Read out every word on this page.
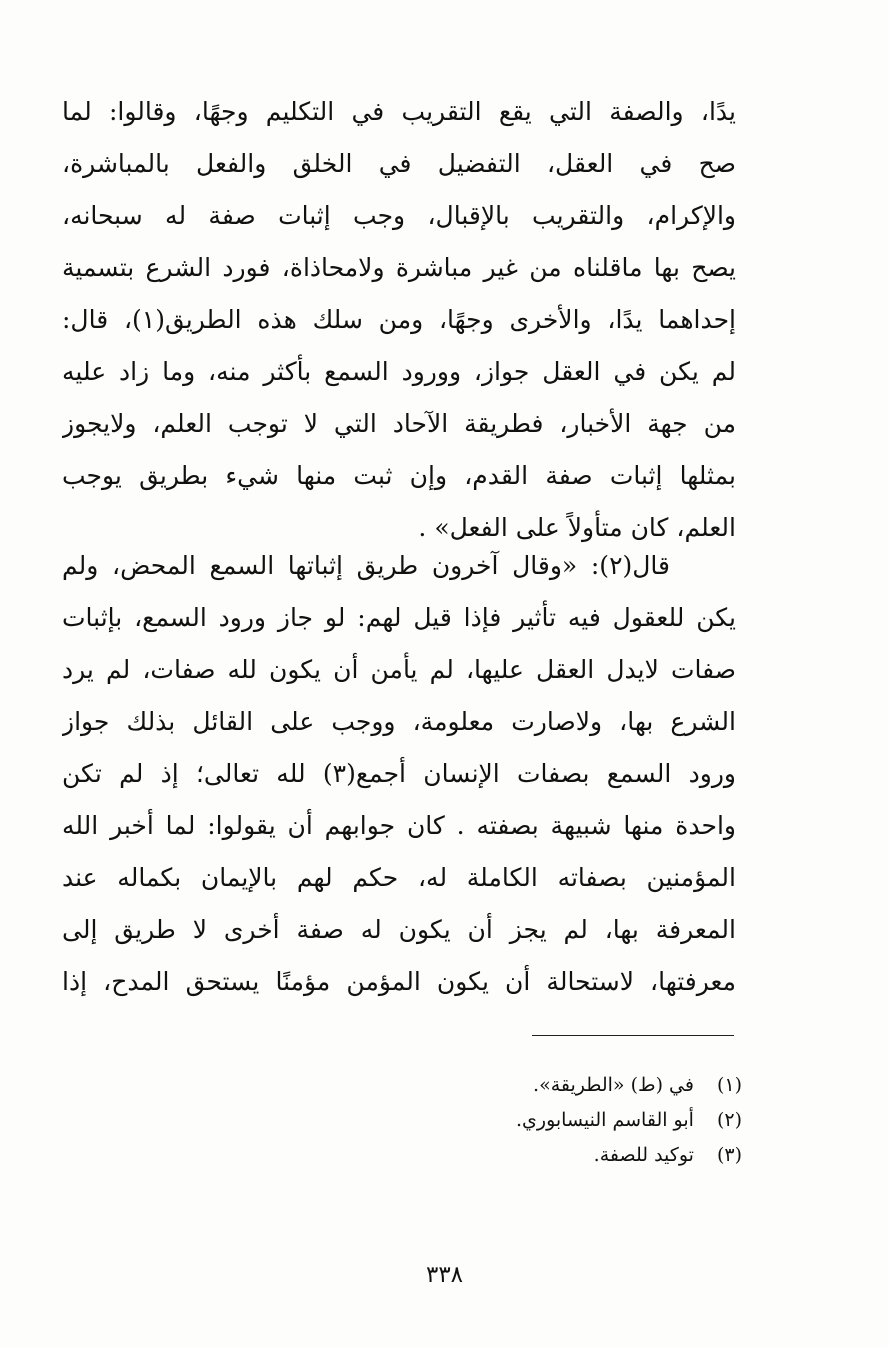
يدًا، والصفة التي يقع التقريب في التكليم وجهًا، وقالوا: لما
صح في العقل، التفضيل في الخلق والفعل بالمباشرة،
والإكرام، والتقريب بالإقبال، وجب إثبات صفة له سبحانه،
يصح بها ماقلناه من غير مباشرة ولامحاذاة، فورد الشرع بتسمية
إحداهما يدًا، والأخرى وجهًا، ومن سلك هذه الطريق(١)، قال:
لم يكن في العقل جواز، وورود السمع بأكثر منه، وما زاد عليه
من جهة الأخبار، فطريقة الآحاد التي لا توجب العلم، ولايجوز
بمثلها إثبات صفة القدم، وإن ثبت منها شيء بطريق يوجب
العلم، كان متأولاً على الفعل» .
قال(٢): «وقال آخرون طريق إثباتها السمع المحض، ولم
يكن للعقول فيه تأثير فإذا قيل لهم: لو جاز ورود السمع، بإثبات
صفات لايدل العقل عليها، لم يأمن أن يكون لله صفات، لم يرد
الشرع بها، ولاصارت معلومة، ووجب على القائل بذلك جواز
ورود السمع بصفات الإنسان أجمع(٣) لله تعالى؛ إذ لم تكن
واحدة منها شبيهة بصفته . كان جوابهم أن يقولوا: لما أخبر الله
المؤمنين بصفاته الكاملة له، حكم لهم بالإيمان بكماله عند
المعرفة بها، لم يجز أن يكون له صفة أخرى لا طريق إلى
معرفتها، لاستحالة أن يكون المؤمن مؤمنًا يستحق المدح، إذا
(١) في (ط) «الطريقة».
(٢) أبو القاسم النيسابوري.
(٣) توكيد للصفة.
٣٣٨
